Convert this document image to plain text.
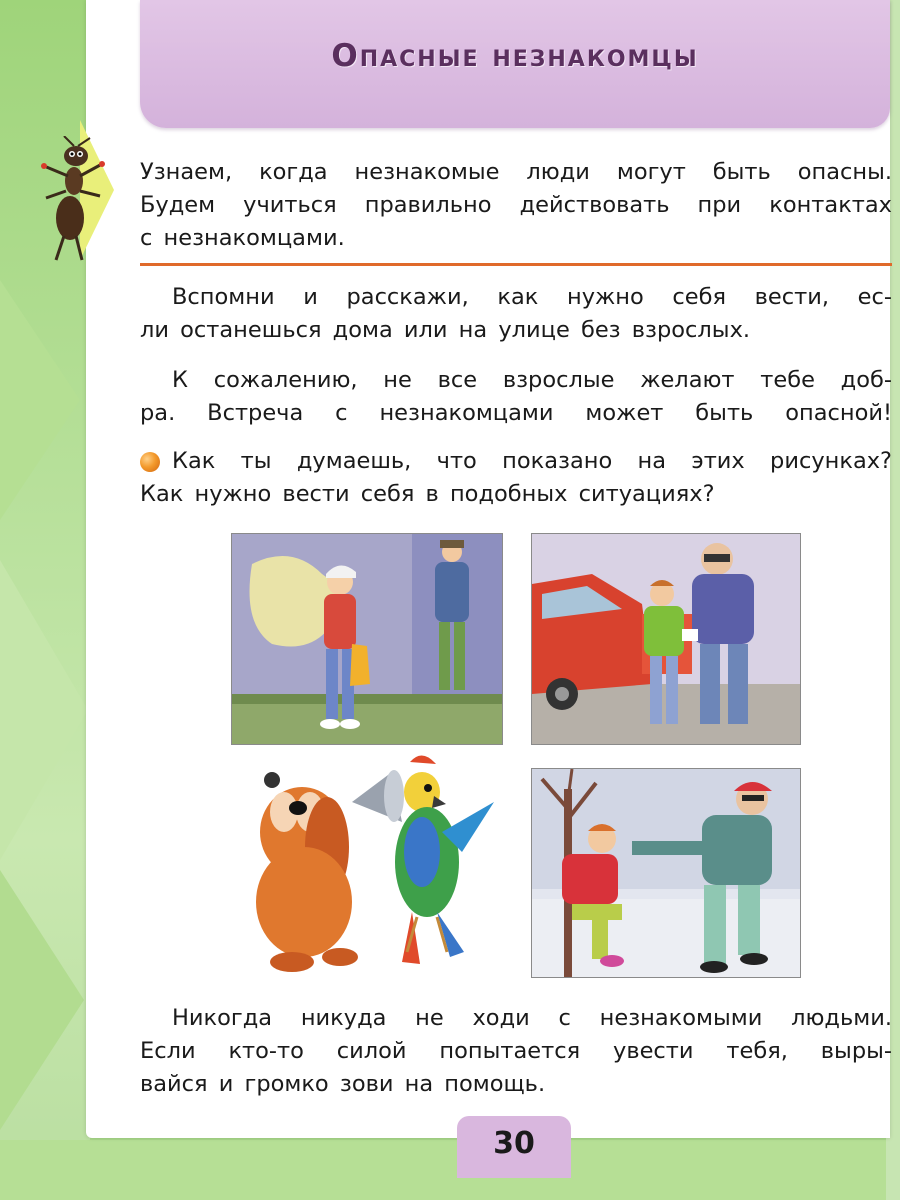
Опасные незнакомцы
Узнаем, когда незнакомые люди могут быть опасны.
Будем учиться правильно действовать при контактах
с незнакомцами.
Вспомни и расскажи, как нужно себя вести, ес-
ли останешься дома или на улице без взрослых.
К сожалению, не все взрослые желают тебе доб-
ра. Встреча с незнакомцами может быть опасной!
Как ты думаешь, что показано на этих рисунках?
Как нужно вести себя в подобных ситуациях?
Никогда никуда не ходи с незнакомыми людьми.
Если кто-то силой попытается увести тебя, выры-
вайся и громко зови на помощь.
30
